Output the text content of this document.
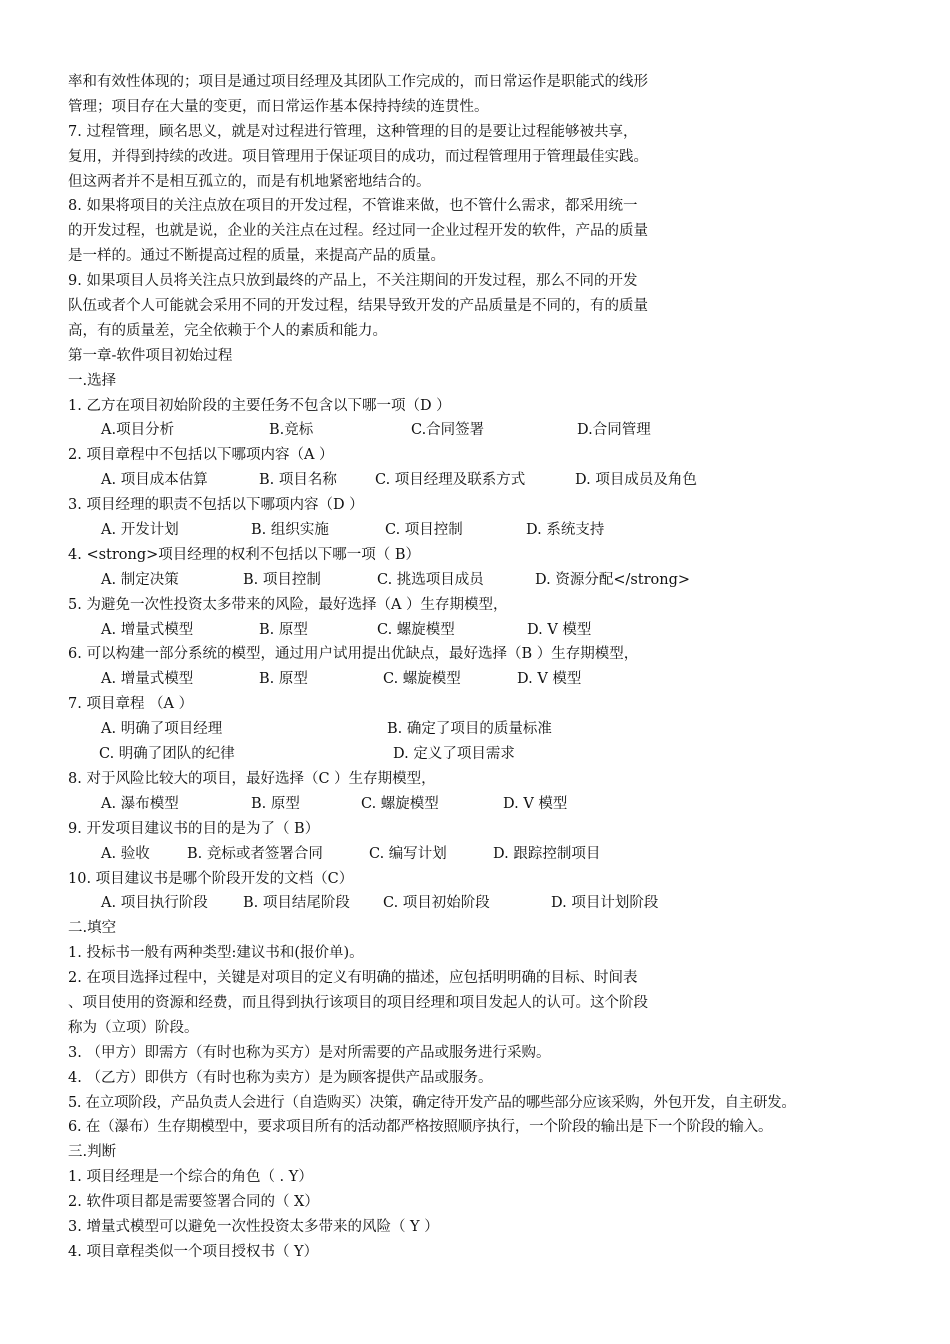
率和有效性体现的；项目是通过项目经理及其团队工作完成的，而日常运作是职能式的线形
管理；项目存在大量的变更，而日常运作基本保持持续的连贯性。
7. 过程管理，顾名思义，就是对过程进行管理，这种管理的目的是要让过程能够被共享，
复用，并得到持续的改进。项目管理用于保证项目的成功，而过程管理用于管理最佳实践。
但这两者并不是相互孤立的，而是有机地紧密地结合的。
8. 如果将项目的关注点放在项目的开发过程，不管谁来做，也不管什么需求，都采用统一
的开发过程，也就是说，企业的关注点在过程。经过同一企业过程开发的软件，产品的质量
是一样的。通过不断提高过程的质量，来提高产品的质量。
9. 如果项目人员将关注点只放到最终的产品上，不关注期间的开发过程，那么不同的开发
队伍或者个人可能就会采用不同的开发过程，结果导致开发的产品质量是不同的，有的质量
高，有的质量差，完全依赖于个人的素质和能力。
第一章-软件项目初始过程
一.选择
1. 乙方在项目初始阶段的主要任务不包含以下哪一项（D ）
A.项目分析	B.竞标	C.合同签署	D.合同管理
2. 项目章程中不包括以下哪项内容（A ）
A. 项目成本估算	B. 项目名称	C. 项目经理及联系方式	D. 项目成员及角色
3. 项目经理的职责不包括以下哪项内容（D ）
A. 开发计划	B. 组织实施	C. 项目控制	D. 系统支持
4. <strong>项目经理的权利不包括以下哪一项（ B）
A. 制定决策	B. 项目控制	C. 挑选项目成员	D. 资源分配</strong>
5. 为避免一次性投资太多带来的风险，最好选择（A ）生存期模型，
A. 增量式模型	B. 原型	C. 螺旋模型	D. V 模型
6. 可以构建一部分系统的模型，通过用户试用提出优缺点，最好选择（B ）生存期模型，
A. 增量式模型	B. 原型	C. 螺旋模型	D. V 模型
7. 项目章程 （A ）
A. 明确了项目经理	B. 确定了项目的质量标准
C. 明确了团队的纪律	D. 定义了项目需求
8. 对于风险比较大的项目，最好选择（C ）生存期模型，
A. 瀑布模型	B. 原型	C. 螺旋模型	D. V 模型
9. 开发项目建议书的目的是为了（ B）
A. 验收	B. 竞标或者签署合同	C. 编写计划	D. 跟踪控制项目
10. 项目建议书是哪个阶段开发的文档（C）
A. 项目执行阶段	B. 项目结尾阶段	C. 项目初始阶段	D. 项目计划阶段
二.填空
1. 投标书一般有两种类型:建议书和(报价单)。
2. 在项目选择过程中，关键是对项目的定义有明确的描述，应包括明明确的目标、时间表
、项目使用的资源和经费，而且得到执行该项目的项目经理和项目发起人的认可。这个阶段
称为（立项）阶段。
3. （甲方）即需方（有时也称为买方）是对所需要的产品或服务进行采购。
4. （乙方）即供方（有时也称为卖方）是为顾客提供产品或服务。
5. 在立项阶段，产品负责人会进行（自造购买）决策，确定待开发产品的哪些部分应该采购，外包开发，自主研发。
6. 在（瀑布）生存期模型中，要求项目所有的活动都严格按照顺序执行，一个阶段的输出是下一个阶段的输入。
三.判断
1. 项目经理是一个综合的角色（ . Y）
2. 软件项目都是需要签署合同的（ X）
3. 增量式模型可以避免一次性投资太多带来的风险（ Y ）
4. 项目章程类似一个项目授权书（ Y）
